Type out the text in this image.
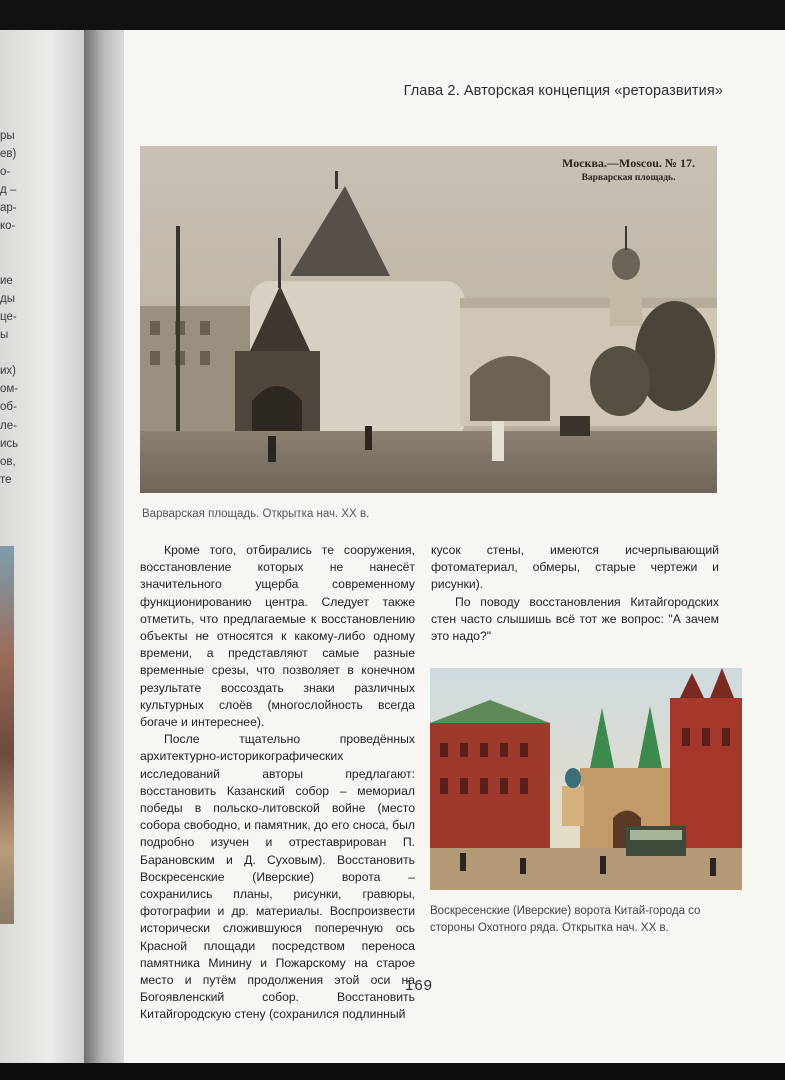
ры
ев)
о-
д –
ар-
ко-

ие
ды
це-
ы

их)
ом-
об-
ле-
ись
ов,
те
Глава 2. Авторская концепция «реторазвития»
Москва.—Moscou. № 17.
Варварская площадь.
Варварская площадь. Открытка нач. XX в.

Кроме того, отбирались те сооружения, восстановление которых не нанесёт значительного ущерба современному функционированию центра. Следует также отметить, что предлагаемые к восстановлению объекты не относятся к какому-либо одному времени, а представляют самые разные временные срезы, что позволяет в конечном результате воссоздать знаки различных культурных слоёв (многослойность всегда богаче и интереснее).

После тщательно проведённых архитектурно-историкографических исследований авторы предлагают: восстановить Казанский собор – мемориал победы в польско-литовской войне (место собора свободно, и памятник, до его сноса, был подробно изучен и отреставрирован П. Барановским и Д. Суховым). Восстановить Воскресенские (Иверские) ворота – сохранились планы, рисунки, гравюры, фотографии и др. материалы. Воспроизвести исторически сложившуюся поперечную ось Красной площади посредством переноса памятника Минину и Пожарскому на старое место и путём продолжения этой оси на Богоявленский собор. Восстановить Китайгородскую стену (сохранился подлинный

кусок стены, имеются исчерпывающий фотоматериал, обмеры, старые чертежи и рисунки).

По поводу восстановления Китайгородских стен часто слышишь всё тот же вопрос: "А зачем это надо?"

Воскресенские (Иверские) ворота Китай-города со стороны Охотного ряда. Открытка нач. XX в.
169
